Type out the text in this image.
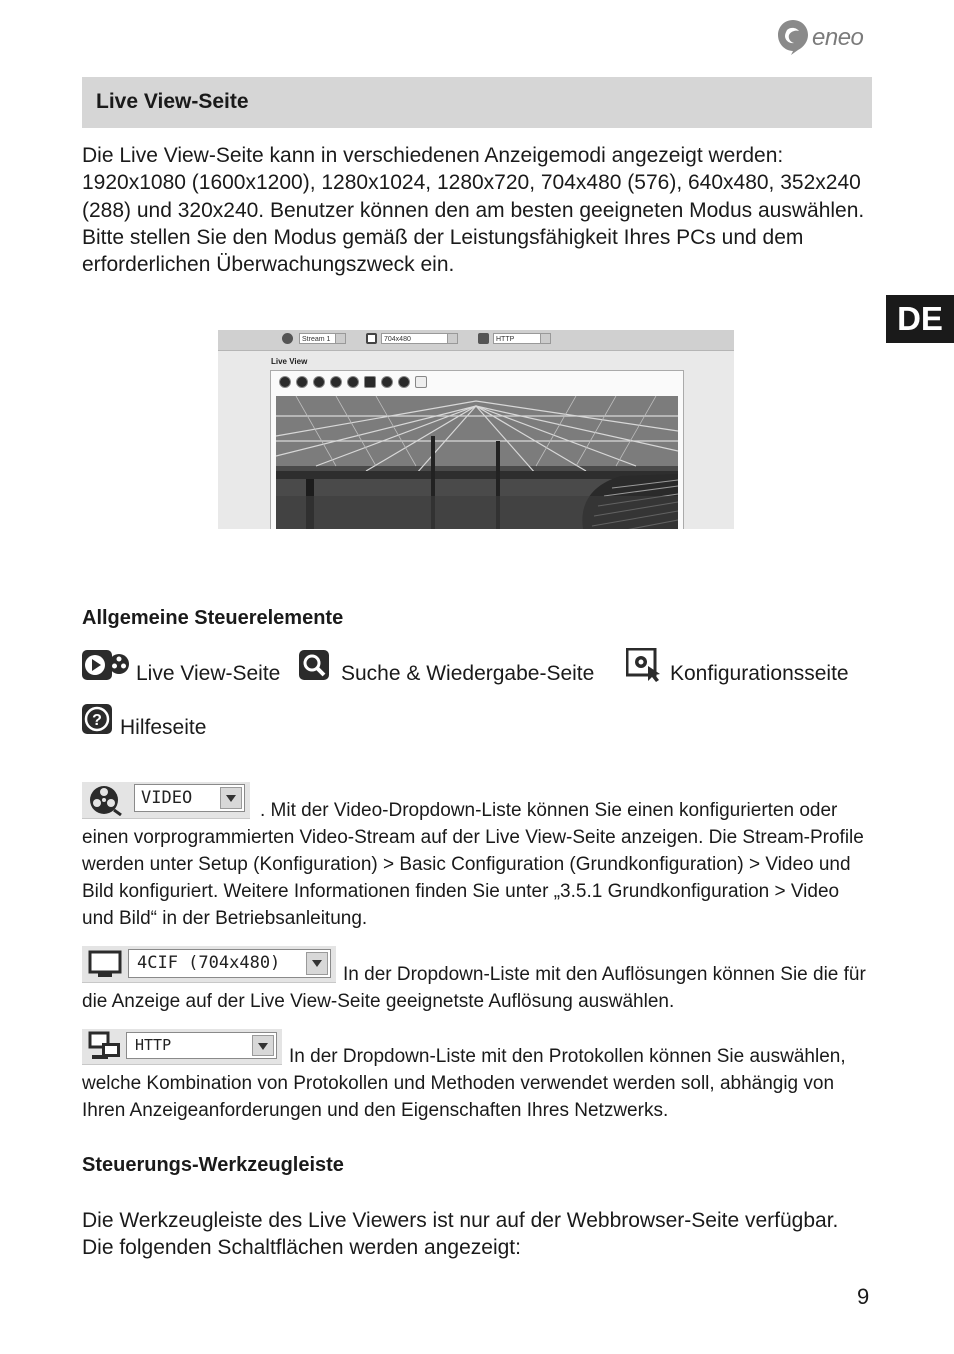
eneo
Live View-Seite
Die Live View-Seite kann in verschiedenen Anzeigemodi angezeigt werden: 1920x1080 (1600x1200), 1280x1024, 1280x720, 704x480 (576), 640x480, 352x240 (288) und 320x240. Benutzer können den am besten geeigneten Modus auswählen. Bitte stellen Sie den Modus gemäß der Leistungsfähigkeit Ihres PCs und dem erforderlichen Überwachungszweck ein.
DE
Stream 1	704x480	HTTP
Live View
Allgemeine Steuerelemente
Live View-Seite	Suche & Wiedergabe-Seite	Konfigurationsseite
? Hilfeseite
VIDEO
. Mit der Video-Dropdown-Liste können Sie einen konfigurierten oder einen vorprogrammierten Video-Stream auf der Live View-Seite anzeigen. Die Stream-Profile werden unter Setup (Konfiguration) > Basic Configuration (Grundkonfiguration) > Video und Bild konfiguriert. Weitere Informationen finden Sie unter „3.5.1 Grundkonfiguration > Video und Bild“ in der Betriebsanleitung.
4CIF (704x480)
In der Dropdown-Liste mit den Auflösungen können Sie die für die Anzeige auf der Live View-Seite geeignetste Auflösung auswählen.
HTTP
In der Dropdown-Liste mit den Protokollen können Sie auswählen, welche Kombination von Protokollen und Methoden verwendet werden soll, abhängig von Ihren Anzeigeanforderungen und den Eigenschaften Ihres Netzwerks.
Steuerungs-Werkzeugleiste
Die Werkzeugleiste des Live Viewers ist nur auf der Webbrowser-Seite verfügbar. Die folgenden Schaltflächen werden angezeigt:
9
